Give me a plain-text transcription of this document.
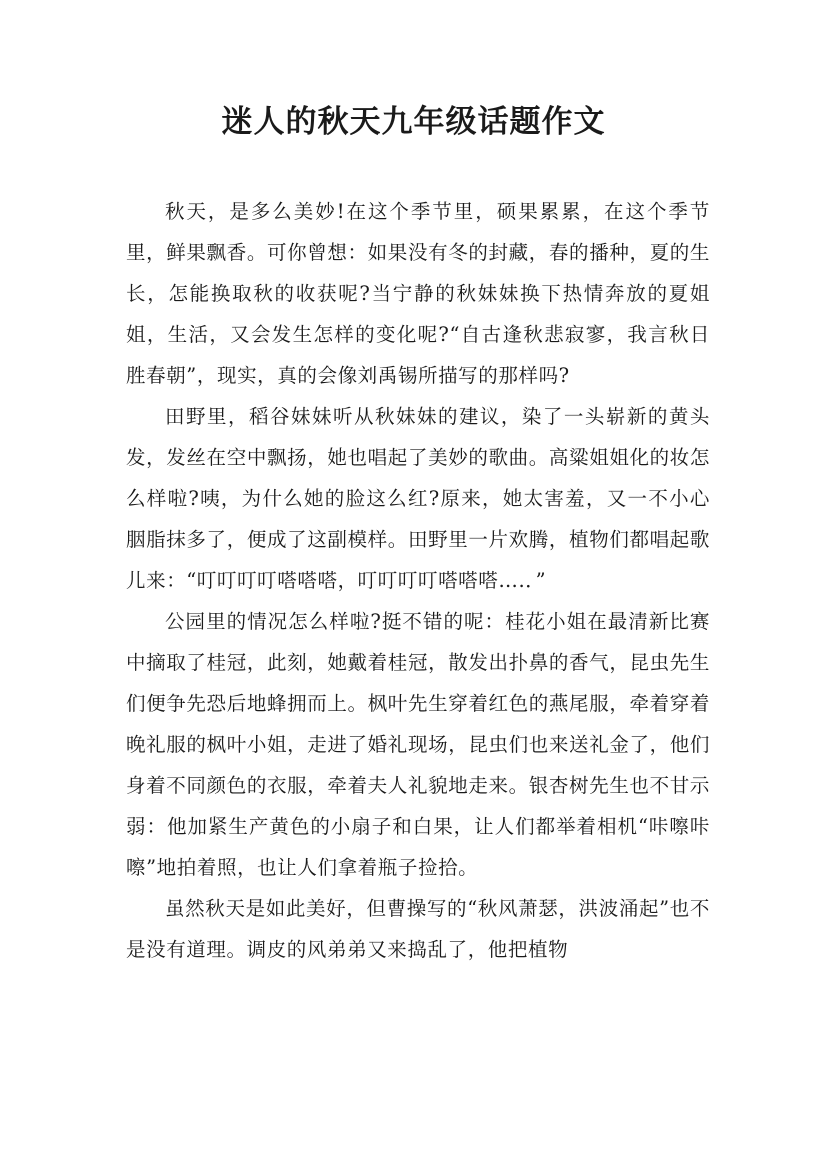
迷人的秋天九年级话题作文

秋天，是多么美妙!在这个季节里，硕果累累，在这个季节里，鲜果飘香。可你曾想：如果没有冬的封藏，春的播种，夏的生长，怎能换取秋的收获呢?当宁静的秋妹妹换下热情奔放的夏姐姐，生活，又会发生怎样的变化呢?“自古逢秋悲寂寥，我言秋日胜春朝”，现实，真的会像刘禹锡所描写的那样吗?

田野里，稻谷妹妹听从秋妹妹的建议，染了一头崭新的黄头发，发丝在空中飘扬，她也唱起了美妙的歌曲。高粱姐姐化的妆怎么样啦?咦，为什么她的脸这么红?原来，她太害羞，又一不小心胭脂抹多了，便成了这副模样。田野里一片欢腾，植物们都唱起歌儿来：“叮叮叮叮嗒嗒嗒，叮叮叮叮嗒嗒嗒….．”

公园里的情况怎么样啦?挺不错的呢：桂花小姐在最清新比赛中摘取了桂冠，此刻，她戴着桂冠，散发出扑鼻的香气，昆虫先生们便争先恐后地蜂拥而上。枫叶先生穿着红色的燕尾服，牵着穿着晚礼服的枫叶小姐，走进了婚礼现场，昆虫们也来送礼金了，他们身着不同颜色的衣服，牵着夫人礼貌地走来。银杏树先生也不甘示弱：他加紧生产黄色的小扇子和白果，让人们都举着相机“咔嚓咔嚓”地拍着照，也让人们拿着瓶子捡拾。

虽然秋天是如此美好，但曹操写的“秋风萧瑟，洪波涌起”也不是没有道理。调皮的风弟弟又来捣乱了，他把植物
